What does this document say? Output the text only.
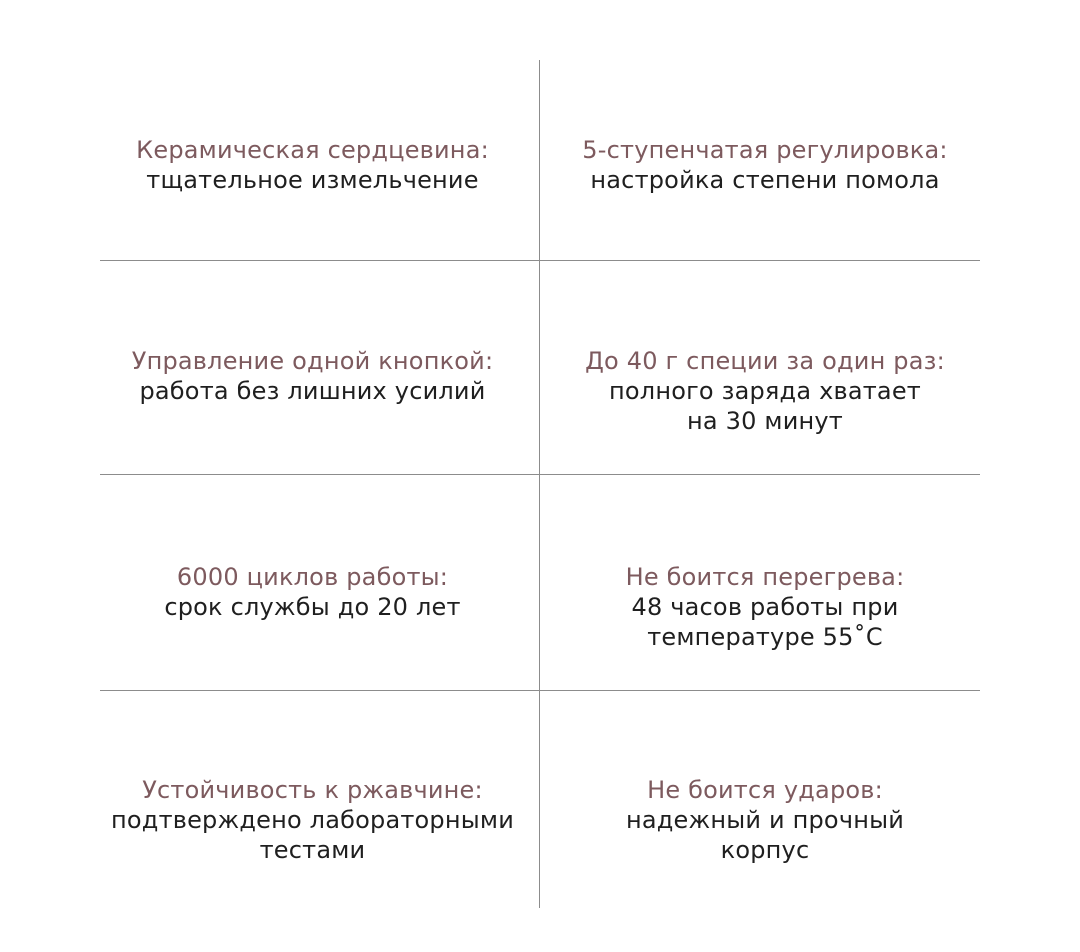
Керамическая сердцевина:
тщательное измельчение
5-ступенчатая регулировка:
настройка степени помола
Управление одной кнопкой:
работа без лишних усилий
До 40 г специи за один раз:
полного заряда хватает
на 30 минут
6000 циклов работы:
срок службы до 20 лет
Не боится перегрева:
48 часов работы при
температуре 55˚С
Устойчивость к ржавчине:
подтверждено лабораторными
тестами
Не боится ударов:
надежный и прочный
корпус
